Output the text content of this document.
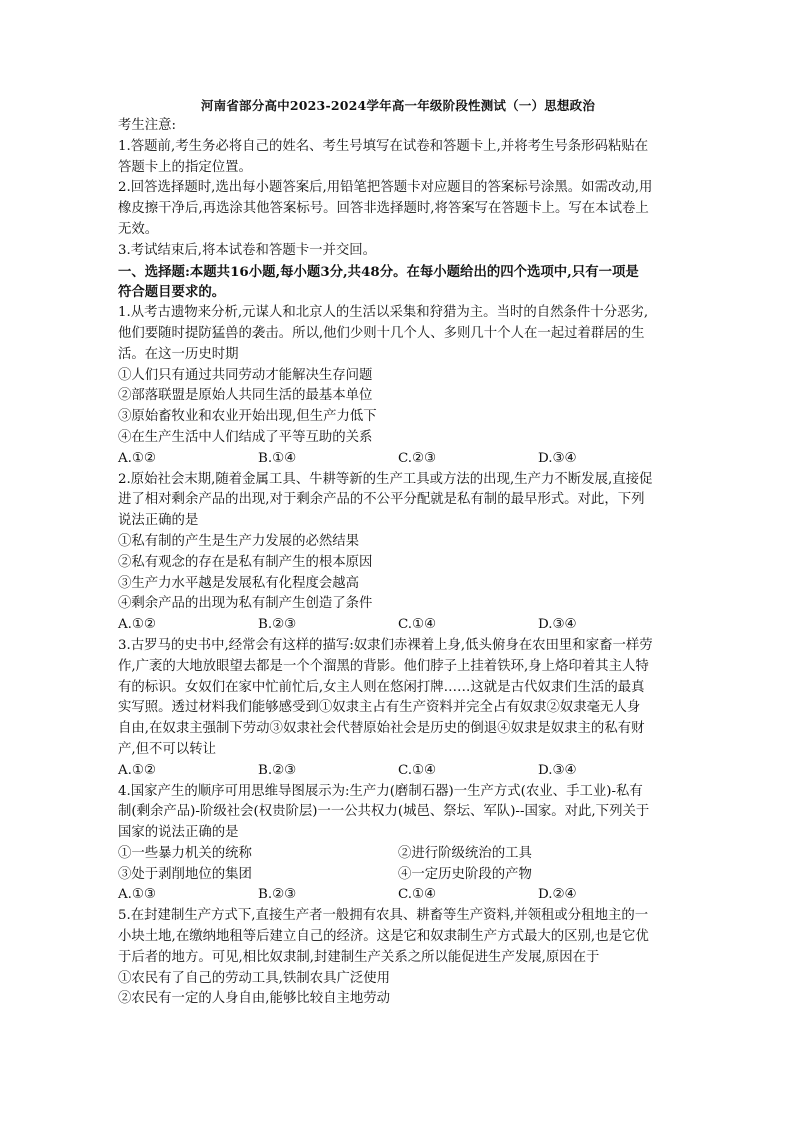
河南省部分高中2023-2024学年高一年级阶段性测试（一）思想政治
考生注意:
1.答题前,考生务必将自己的姓名、考生号填写在试卷和答题卡上,并将考生号条形码粘贴在
答题卡上的指定位置。
2.回答选择题时,选出每小题答案后,用铅笔把答题卡对应题目的答案标号涂黑。如需改动,用
橡皮擦干净后,再选涂其他答案标号。回答非选择题时,将答案写在答题卡上。写在本试卷上
无效。
3.考试结束后,将本试卷和答题卡一并交回。
一、选择题:本题共16小题,每小题3分,共48分。在每小题给出的四个选项中,只有一项是
符合题目要求的。
1.从考古遗物来分析,元谋人和北京人的生活以采集和狩猎为主。当时的自然条件十分恶劣,
他们要随时提防猛兽的袭击。所以,他们少则十几个人、多则几十个人在一起过着群居的生
活。在这一历史时期
①人们只有通过共同劳动才能解决生存问题
②部落联盟是原始人共同生活的最基本单位
③原始畜牧业和农业开始出现,但生产力低下
④在生产生活中人们结成了平等互助的关系
A.①②	B.①④	C.②③	D.③④
2.原始社会末期,随着金属工具、牛耕等新的生产工具或方法的出现,生产力不断发展,直接促
进了相对剩余产品的出现,对于剩余产品的不公平分配就是私有制的最早形式。对此，下列
说法正确的是
①私有制的产生是生产力发展的必然结果
②私有观念的存在是私有制产生的根本原因
③生产力水平越是发展私有化程度会越高
④剩余产品的出现为私有制产生创造了条件
A.①②	B.②③	C.①④	D.③④
3.古罗马的史书中,经常会有这样的描写:奴隶们赤裸着上身,低头俯身在农田里和家畜一样劳
作,广袤的大地放眼望去都是一个个溜黑的背影。他们脖子上挂着铁环,身上烙印着其主人特
有的标识。女奴们在家中忙前忙后,女主人则在悠闲打牌……这就是古代奴隶们生活的最真
实写照。透过材料我们能够感受到①奴隶主占有生产资料并完全占有奴隶②奴隶毫无人身
自由,在奴隶主强制下劳动③奴隶社会代替原始社会是历史的倒退④奴隶是奴隶主的私有财
产,但不可以转让
A.①②	B.②③	C.①④	D.③④
4.国家产生的顺序可用思维导图展示为:生产力(磨制石器)一生产方式(农业、手工业)-私有
制(剩余产品)-阶级社会(权贵阶层)一一公共权力(城邑、祭坛、军队)--国家。对此,下列关于
国家的说法正确的是
①一些暴力机关的统称	②进行阶级统治的工具
③处于剥削地位的集团	④一定历史阶段的产物
A.①③	B.②③	C.①④	D.②④
5.在封建制生产方式下,直接生产者一般拥有农具、耕畜等生产资料,并领租或分租地主的一
小块土地,在缴纳地租等后建立自己的经济。这是它和奴隶制生产方式最大的区别,也是它优
于后者的地方。可见,相比奴隶制,封建制生产关系之所以能促进生产发展,原因在于
①农民有了自己的劳动工具,铁制农具广泛使用
②农民有一定的人身自由,能够比较自主地劳动
